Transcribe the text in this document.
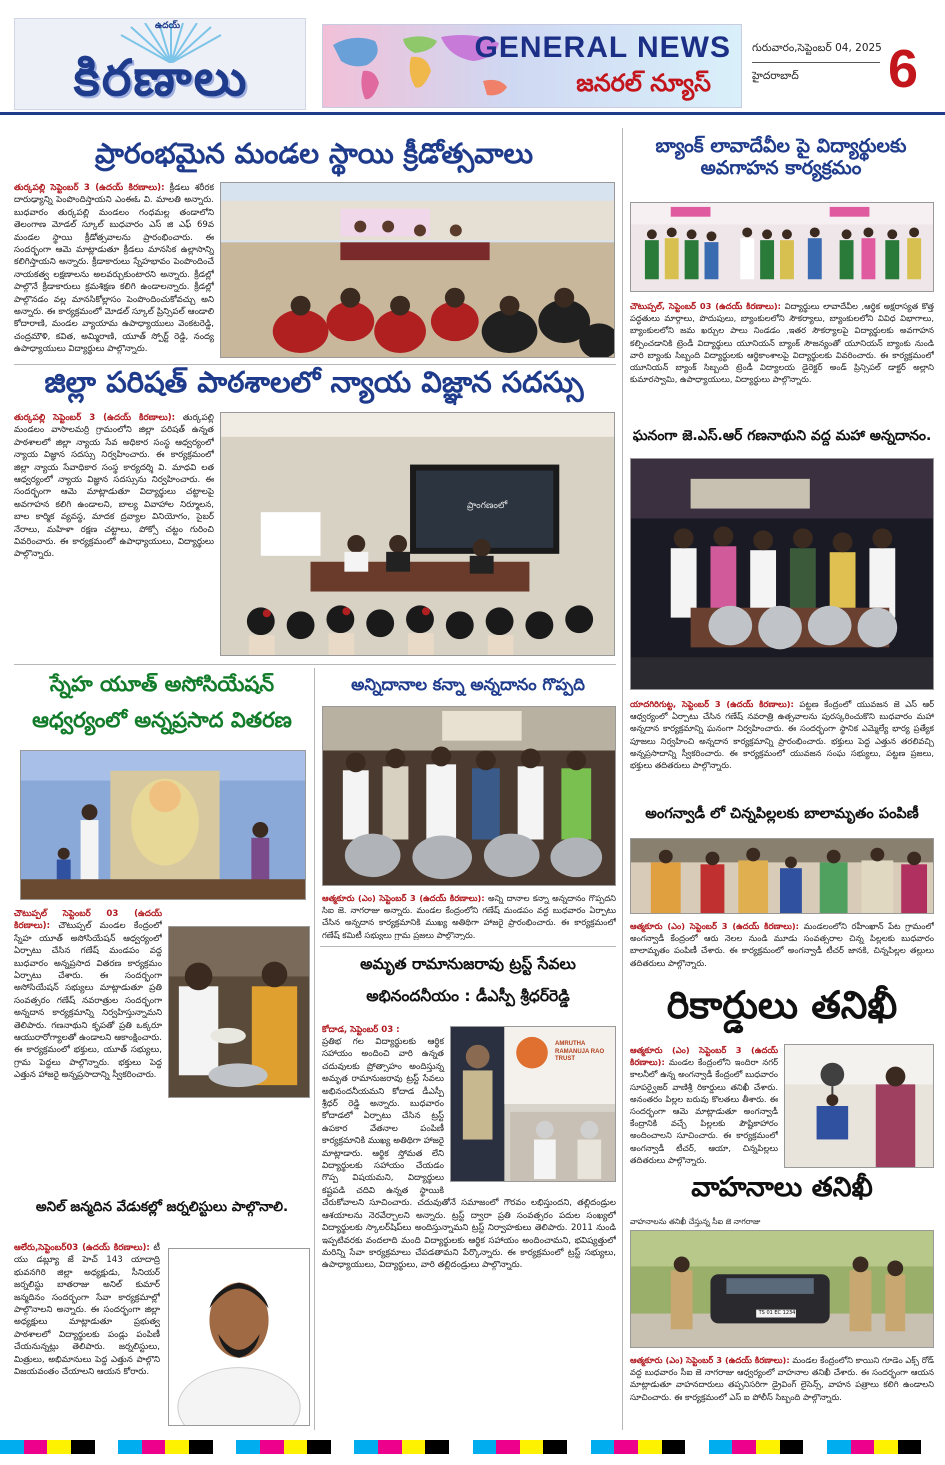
ఉదయ్
కిరణాలు
GENERAL NEWS
జనరల్ న్యూస్
గురువారం,సెప్టెంబర్ 04, 2025
హైదరాబాద్ 6
ప్రారంభమైన మండల స్థాయి క్రీడోత్సవాలు
తుర్కపల్లి సెప్టెంబర్ 3 (ఉదయ్ కిరణాలు): క్రీడలు శరీరక దారుఢ్యాన్ని పెంపొందిస్తాయని ఎంఈఓ వి. మాలతి అన్నారు. బుధవారం తుర్కపల్లి మండలం గంధమల్ల తండాలోని తెలంగాణ మోడల్ స్కూల్ బుధవారం ఎస్ జి ఎఫ్ 69వ మండల స్థాయి క్రీడోత్సవాలను ప్రారంభించారు. ఈ సందర్భంగా ఆమె మాట్లాడుతూ క్రీడలు మానసిక ఉల్లాసాన్ని కలిగిస్తాయని అన్నారు. క్రీడాకారులు స్నేహభావం పెంపొందించే నాయకత్వ లక్షణాలను అలవర్చుకుంటారని అన్నారు. క్రీడల్లో పాల్గొనే క్రీడాకారులు క్రమశిక్షణ కలిగి ఉండాలన్నారు. క్రీడల్లో పాల్గొనడం వల్ల మానసికోల్లాసం పెంపొందించుకోవచ్చు అని అన్నారు. ఈ కార్యక్రమంలో మోడల్ స్కూల్ ప్రిన్సిపల్ ఆండాలి కోదారాణి, మండల వ్యాయామ ఉపాధ్యాయులు వెంకటరెడ్డి, చంద్రమౌళి, కవిత, అమ్మిరాణి, యూత్ స్పోర్ట్ రెడ్డి, నంద్య ఉపాధ్యాయులు విద్యార్థులు పాల్గొన్నారు.
జిల్లా పరిషత్ పాఠశాలలో న్యాయ విజ్ఞాన సదస్సు
తుర్కపల్లి సెప్టెంబర్ 3 (ఉదయ్ కిరణాలు): తుర్కపల్లి మండలం వాసాలమర్రి గ్రామంలోని జిల్లా పరిషత్ ఉన్నత పాఠశాలలో జిల్లా న్యాయ సేవ అధికార సంస్థ ఆధ్వర్యంలో న్యాయ విజ్ఞాన సదస్సు నిర్వహించారు. ఈ కార్యక్రమంలో జిల్లా న్యాయ సేవాధికార సంస్థ కార్యదర్శి వి. మాధవి లత ఆధ్వర్యంలో న్యాయ విజ్ఞాన సదస్సును నిర్వహించారు. ఈ సందర్భంగా ఆమె మాట్లాడుతూ విద్యార్థులు చట్టాలపై అవగాహన కలిగి ఉండాలని, బాల్య వివాహాల నిర్మూలన, బాల కార్మిక వ్యవస్థ, మాదక ద్రవ్యాల వినియోగం, సైబర్ నేరాలు, మహిళా రక్షణ చట్టాలు, పోక్సో చట్టం గురించి వివరించారు. ఈ కార్యక్రమంలో ఉపాధ్యాయులు, విద్యార్థులు పాల్గొన్నారు.
ప్రాంగణంలో
బ్యాంక్ లావాదేవీల పై విద్యార్థులకు
అవగాహన కార్యక్రమం
చౌటుప్పల్, సెప్టెంబర్ 03 (ఉదయ్ కిరణాలు): విద్యార్థులు లావాదేవీల ,ఆర్థిక అక్షరాస్యత కొత్త పద్ధతులు మార్గాలు, పొదుపులు, బ్యాంకులలోని సౌకర్యాలు, బ్యాంకులలోని వివిధ విభాగాలు, బ్యాంకులలోని జమ ఖర్చుల పాలు నిండడం ,ఇతర సౌకర్యాలపై విద్యార్థులకు అవగాహన కల్పించడానికి ట్రెండీ విద్యార్థులు యూనియన్ బ్యాంక్ సౌజన్యంతో యూనియన్ బ్యాంకు నుండి వారి బ్యాంకు సిబ్బంది విద్యార్థులకు ఆర్థికాంశాలపై విద్యార్థులకు వివరించారు. ఈ కార్యక్రమంలో యూనియన్ బ్యాంక్ సిబ్బంది ట్రెండీ విద్యాలయ డైరెక్టర్ అండ్ ప్రిన్సిపల్ డాక్టర్ అల్లాని కుమారస్వామి, ఉపాధ్యాయులు, విద్యార్థులు పాల్గొన్నారు.
ఘనంగా జె.ఎస్.ఆర్ గణనాథుని వద్ద మహా అన్నదానం.
యాదగిరిగుట్ట, సెప్టెంబర్ 3 (ఉదయ్ కిరణాలు): పట్టణ కేంద్రంలో యువజన జె ఎస్ ఆర్ ఆధ్వర్యంలో ఏర్పాటు చేసిన గణేష్ నవరాత్రి ఉత్సవాలను పురస్కరించుకొని బుధవారం మహా అన్నదాన కార్యక్రమాన్ని ఘనంగా నిర్వహించారు. ఈ సందర్భంగా స్థానిక ఎమ్మెల్యే భార్య ప్రత్యేక పూజలు నిర్వహించి అన్నదాన కార్యక్రమాన్ని ప్రారంభించారు. భక్తులు పెద్ద ఎత్తున తరలివచ్చి అన్నప్రసాదాన్ని స్వీకరించారు. ఈ కార్యక్రమంలో యువజన సంఘ సభ్యులు, పట్టణ ప్రజలు, భక్తులు తదితరులు పాల్గొన్నారు.
అంగన్వాడీ లో చిన్నపిల్లలకు బాలామృతం పంపిణీ
ఆత్మకూరు (ఎం) సెప్టెంబర్ 3 (ఉదయ్ కిరణాలు): మండలంలోని రహీంఖాన్ పేట గ్రామంలో అంగన్వాడీ కేంద్రంలో ఆరు నెలల నుండి మూడు సంవత్సరాల చిన్న పిల్లలకు బుధవారం బాలామృతం పంపిణీ చేశారు. ఈ కార్యక్రమంలో అంగన్వాడీ టీచర్ జానకి, చిన్నపిల్లల తల్లులు తదితరులు పాల్గొన్నారు.
రికార్డులు తనిఖీ
ఆత్మకూరు (ఎం) సెప్టెంబర్ 3 (ఉదయ్ కిరణాలు): మండల కేంద్రంలోని ఇందిరా నగర్ కాలనీలో ఉన్న అంగన్వాడీ కేంద్రంలో బుధవారం సూపర్వైజర్ వాణిశ్రీ రికార్డులు తనిఖీ చేశారు. అనంతరం పిల్లల బరువు కొలతలు తీశారు. ఈ సందర్భంగా ఆమె మాట్లాడుతూ అంగన్వాడీ కేంద్రానికి వచ్చే పిల్లలకు పౌష్టికాహారం అందించాలని సూచించారు. ఈ కార్యక్రమంలో అంగన్వాడీ టీచర్, ఆయా, చిన్నపిల్లలు తదితరులు పాల్గొన్నారు.
వాహనాలు తనిఖీ
వాహనాలను తనిఖీ చేస్తున్న సీఐ జె నాగరాజు
TS 01 EC 1234
ఆత్మకూరు (ఎం) సెప్టెంబర్ 3 (ఉదయ్ కిరణాలు): మండల కేంద్రంలోని కాయిని గూడెం ఎక్స్ రోడ్ వద్ద బుధవారం సీఐ జె నాగరాజు ఆధ్వర్యంలో వాహనాల తనిఖీ చేశారు. ఈ సందర్భంగా ఆయన మాట్లాడుతూ వాహనదారులు తప్పనిసరిగా డ్రైవింగ్ లైసెన్స్, వాహన పత్రాలు కలిగి ఉండాలని సూచించారు. ఈ కార్యక్రమంలో ఎస్ ఐ పోలీస్ సిబ్బంది పాల్గొన్నారు.
స్నేహ యూత్ అసోసియేషన్
ఆధ్వర్యంలో అన్నప్రసాద వితరణ
చౌటుప్పల్ సెప్టెంబర్ 03 (ఉదయ్ కిరణాలు): చౌటుప్పల్ మండల కేంద్రంలో స్నేహ యూత్ అసోసియేషన్ ఆధ్వర్యంలో ఏర్పాటు చేసిన గణేష్ మండపం వద్ద బుధవారం అన్నప్రసాద వితరణ కార్యక్రమం ఏర్పాటు చేశారు. ఈ సందర్భంగా అసోసియేషన్ సభ్యులు మాట్లాడుతూ ప్రతి సంవత్సరం గణేష్ నవరాత్రుల సందర్భంగా అన్నదాన కార్యక్రమాన్ని నిర్వహిస్తున్నామని తెలిపారు. గణనాథుని కృపతో ప్రతి ఒక్కరూ ఆయురారోగ్యాలతో ఉండాలని ఆకాంక్షించారు. ఈ కార్యక్రమంలో భక్తులు, యూత్ సభ్యులు, గ్రామ పెద్దలు పాల్గొన్నారు. భక్తులు పెద్ద ఎత్తున హాజరై అన్నప్రసాదాన్ని స్వీకరించారు.
అనిల్ జన్మదిన వేడుకల్లో జర్నలిస్టులు పాల్గొనాలి.
ఆలేరు,సెప్టెంబర్03 (ఉదయ్ కిరణాలు): టీ యు డబ్ల్యూ జే హెచ్ 143 యాదాద్రి భువనగిరి జిల్లా అధ్యక్షుడు, సీనియర్ జర్నలిస్టు బాతరాజు అనిల్ కుమార్ జన్మదినం సందర్భంగా సేవా కార్యక్రమాల్లో పాల్గొనాలని అన్నారు. ఈ సందర్భంగా జిల్లా అధ్యక్షులు మాట్లాడుతూ ప్రభుత్వ పాఠశాలలో విద్యార్థులకు పండ్లు పంపిణీ చేయనున్నట్లు తెలిపారు. జర్నలిస్టులు, మిత్రులు, అభిమానులు పెద్ద ఎత్తున పాల్గొని విజయవంతం చేయాలని ఆయన కోరారు.
అన్నిదానాల కన్నా అన్నదానం గొప్పది
ఆత్మకూరు (ఎం) సెప్టెంబర్ 3 (ఉదయ్ కిరణాలు): అన్ని దానాల కన్నా అన్నదానం గొప్పదని సిఐ జె. నాగరాజు అన్నారు. మండల కేంద్రంలోని గణేష్ మండపం వద్ద బుధవారం ఏర్పాటు చేసిన అన్నదాన కార్యక్రమానికి ముఖ్య అతిథిగా హాజరై ప్రారంభించారు. ఈ కార్యక్రమంలో గణేష్ కమిటీ సభ్యులు గ్రామ ప్రజలు పాల్గొన్నారు.
అమృత రామానుజరావు ట్రస్ట్ సేవలు
అభినందనీయం : డీఎస్పీ శ్రీధర్‌రెడ్డి
కోదాడ, సెప్టెంబర్ 03 :
AMRUTHA
RAMANUJA RAO
TRUST
ప్రతిభ గల విద్యార్థులకు ఆర్థిక సహాయం అందించి వారి ఉన్నత చదువులకు ప్రోత్సాహం అందిస్తున్న అమృత రామానుజరావు ట్రస్ట్ సేవలు అభినందనీయమని కోదాడ డీఎస్పీ శ్రీధర్ రెడ్డి అన్నారు. బుధవారం కోదాడలో ఏర్పాటు చేసిన ట్రస్ట్ ఉపకార వేతనాల పంపిణీ కార్యక్రమానికి ముఖ్య అతిథిగా హాజరై మాట్లాడారు. ఆర్థిక స్తోమత లేని విద్యార్థులకు సహాయం చేయడం గొప్ప విషయమని, విద్యార్థులు కష్టపడి చదివి ఉన్నత స్థాయికి చేరుకోవాలని సూచించారు. చదువుతోనే సమాజంలో గౌరవం లభిస్తుందని, తల్లిదండ్రుల ఆశయాలను నెరవేర్చాలని అన్నారు. ట్రస్ట్ ద్వారా ప్రతి సంవత్సరం పదుల సంఖ్యలో విద్యార్థులకు స్కాలర్‌షిప్‌లు అందిస్తున్నామని ట్రస్ట్ నిర్వాహకులు తెలిపారు. 2011 నుండి ఇప్పటివరకు వందలాది మంది విద్యార్థులకు ఆర్థిక సహాయం అందించామని, భవిష్యత్తులో మరిన్ని సేవా కార్యక్రమాలు చేపడతామని పేర్కొన్నారు. ఈ కార్యక్రమంలో ట్రస్ట్ సభ్యులు, ఉపాధ్యాయులు, విద్యార్థులు, వారి తల్లిదండ్రులు పాల్గొన్నారు.
